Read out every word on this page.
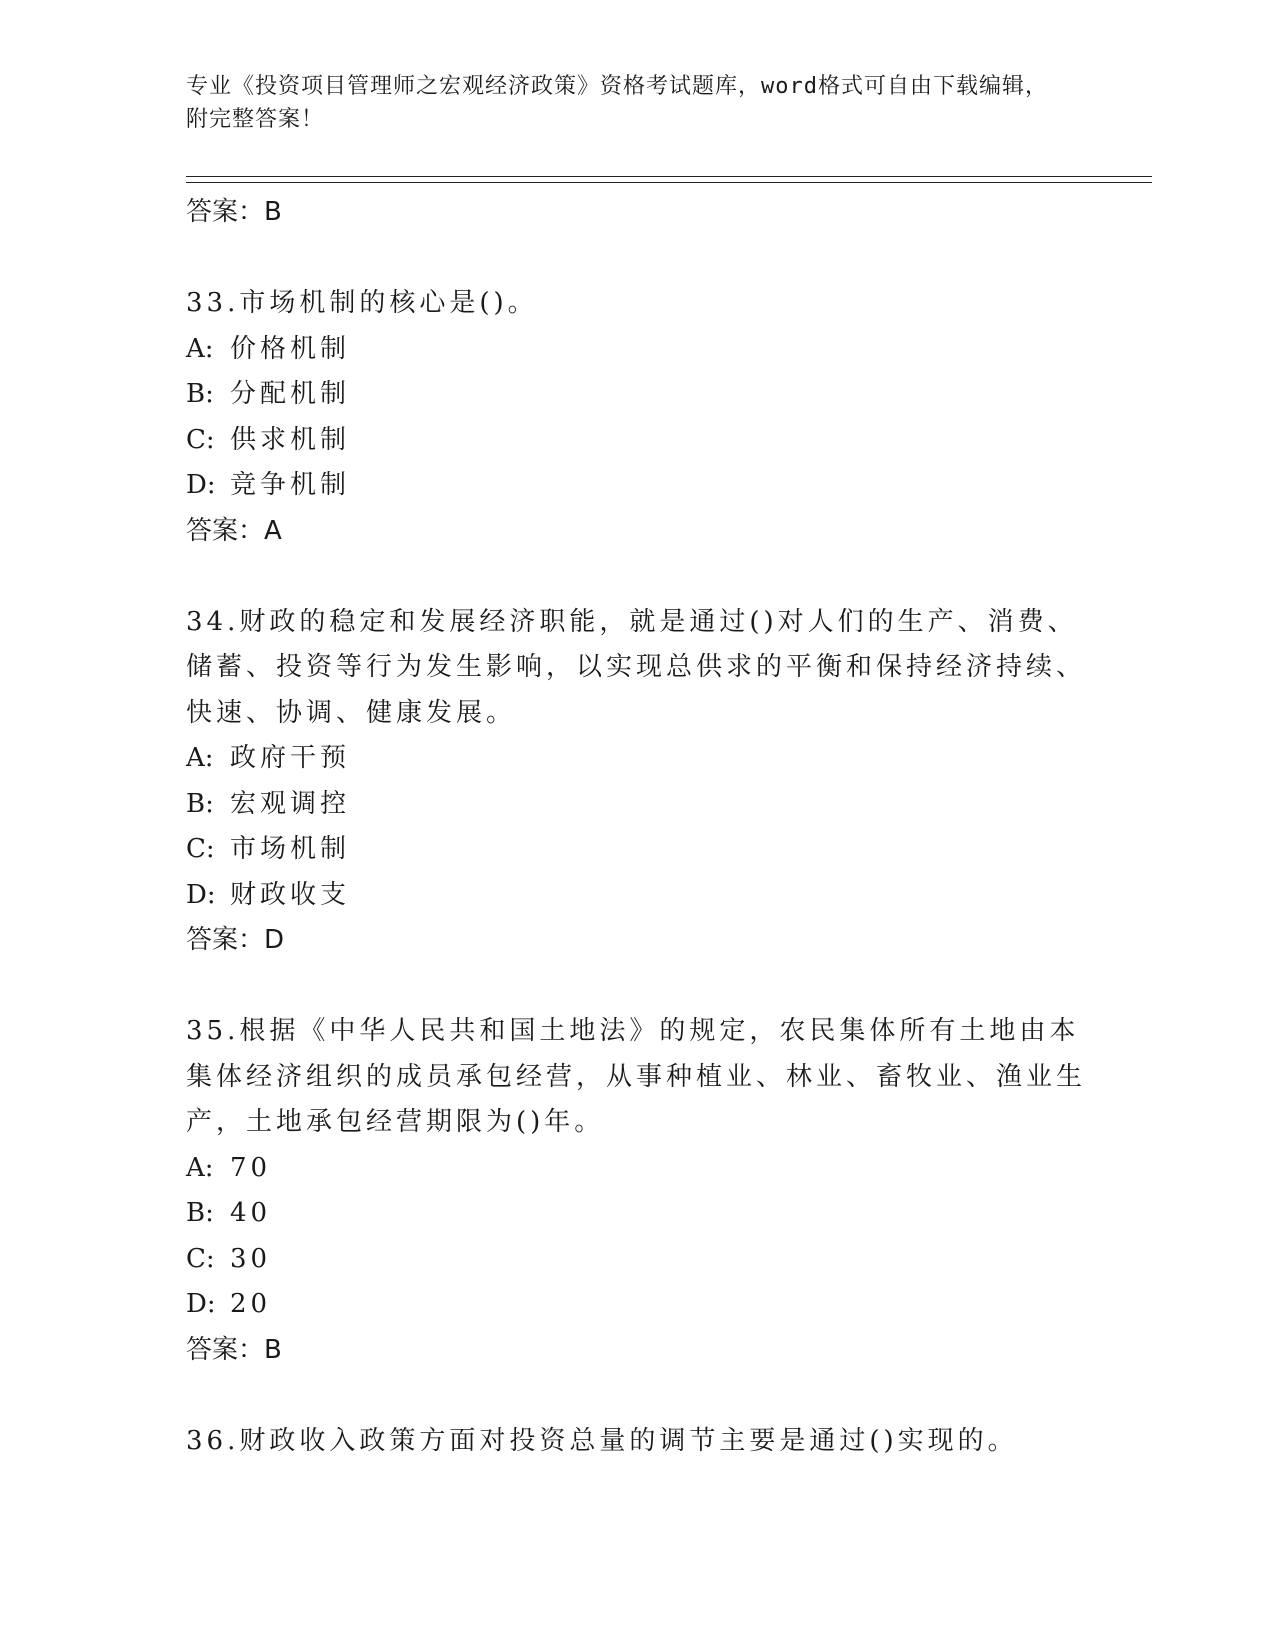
专业《投资项目管理师之宏观经济政策》资格考试题库，word格式可自由下载编辑，附完整答案！
答案：B
33.市场机制的核心是()。
A: 价格机制
B: 分配机制
C: 供求机制
D: 竞争机制
答案：A
34.财政的稳定和发展经济职能，就是通过()对人们的生产、消费、储蓄、投资等行为发生影响，以实现总供求的平衡和保持经济持续、快速、协调、健康发展。
A: 政府干预
B: 宏观调控
C: 市场机制
D: 财政收支
答案：D
35.根据《中华人民共和国土地法》的规定，农民集体所有土地由本集体经济组织的成员承包经营，从事种植业、林业、畜牧业、渔业生产，土地承包经营期限为()年。
A: 70
B: 40
C: 30
D: 20
答案：B
36.财政收入政策方面对投资总量的调节主要是通过()实现的。
